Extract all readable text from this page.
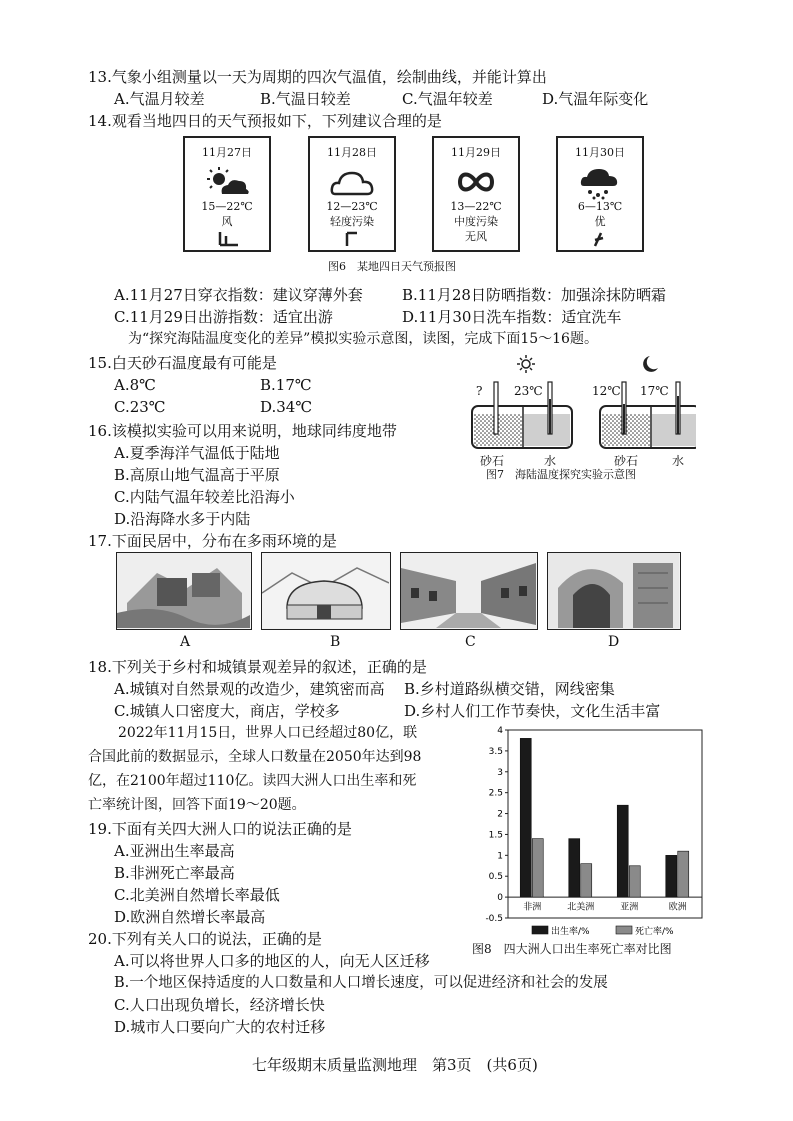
13.气象小组测量以一天为周期的四次气温值，绘制曲线，并能计算出
A.气温月较差	B.气温日较差	C.气温年较差	D.气温年际变化
14.观看当地四日的天气预报如下，下列建议合理的是
11月27日
15—22℃
风
11月28日
12—23℃
轻度污染
11月29日
13—22℃
中度污染
无风
11月30日
6—13℃
优
图6　某地四日天气预报图
A.11月27日穿衣指数：建议穿薄外套	B.11月28日防晒指数：加强涂抹防晒霜
C.11月29日出游指数：适宜出游	D.11月30日洗车指数：适宜洗车
为“探究海陆温度变化的差异”模拟实验示意图，读图，完成下面15～16题。
15.白天砂石温度最有可能是
A.8℃	B.17℃
C.23℃	D.34℃
?	23℃	12℃ 17℃
砂石	水	砂石	水
图7　海陆温度探究实验示意图
16.该模拟实验可以用来说明，地球同纬度地带
A.夏季海洋气温低于陆地
B.高原山地气温高于平原
C.内陆气温年较差比沿海小
D.沿海降水多于内陆
17.下面民居中，分布在多雨环境的是
A	B	C	D
18.下列关于乡村和城镇景观差异的叙述，正确的是
A.城镇对自然景观的改造少，建筑密而高 B.乡村道路纵横交错，网线密集
C.城镇人口密度大，商店，学校多	D.乡村人们工作节奏快，文化生活丰富
2022年11月15日，世界人口已经超过80亿，联
合国此前的数据显示，全球人口数量在2050年达到98
亿，在2100年超过110亿。读四大洲人口出生率和死
亡率统计图，回答下面19～20题。
19.下面有关四大洲人口的说法正确的是
A.亚洲出生率最高
B.非洲死亡率最高
C.北美洲自然增长率最低
D.欧洲自然增长率最高
4
3.5
3
2.5
2
1.5
1
0.5
0
-0.5
非洲	北美洲	亚洲	欧洲
出生率/%	死亡率/%
图8　四大洲人口出生率死亡率对比图
20.下列有关人口的说法，正确的是
A.可以将世界人口多的地区的人，向无人区迁移
B.一个地区保持适度的人口数量和人口增长速度，可以促进经济和社会的发展
C.人口出现负增长，经济增长快
D.城市人口要向广大的农村迁移
七年级期末质量监测地理　第3页　(共6页)
